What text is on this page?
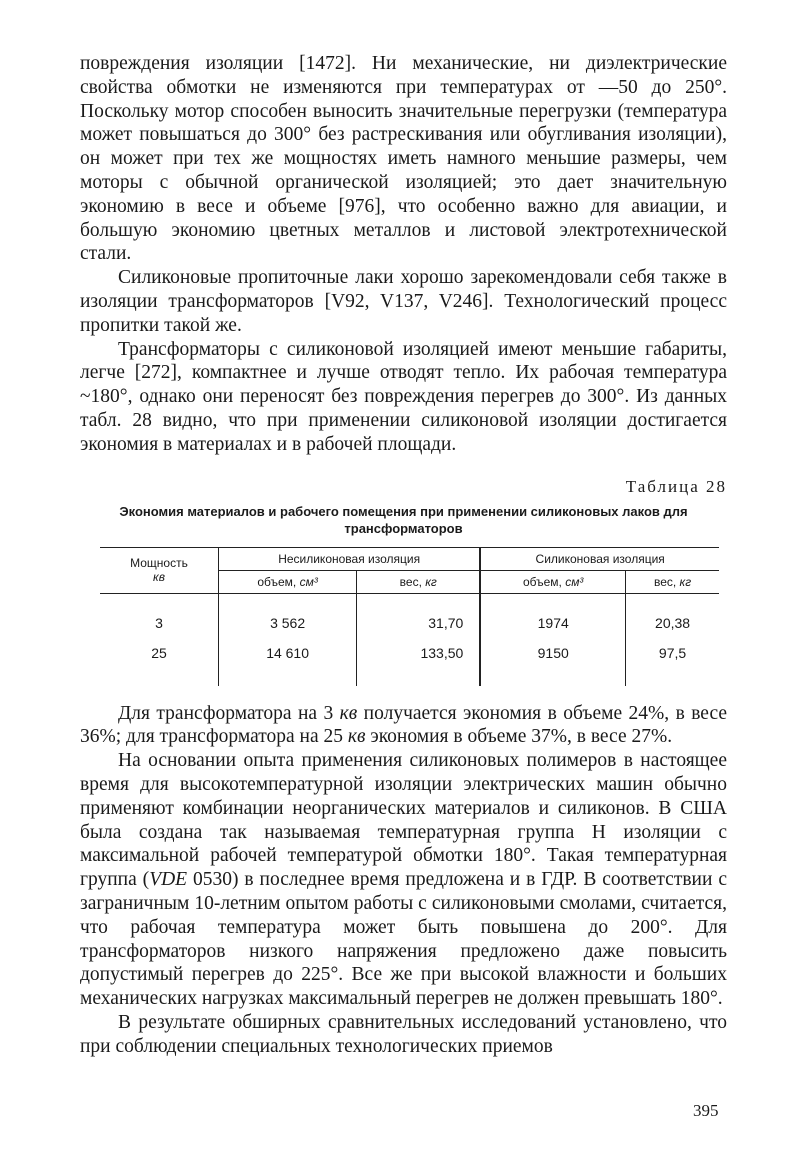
повреждения изоляции [1472]. Ни механические, ни диэлектрические свойства обмотки не изменяются при температурах от —50 до 250°. Поскольку мотор способен выносить значительные перегрузки (температура может повышаться до 300° без растрескивания или обугливания изоляции), он может при тех же мощностях иметь намного меньшие размеры, чем моторы с обычной органической изоляцией; это дает значительную экономию в весе и объеме [976], что особенно важно для авиации, и большую экономию цветных металлов и листовой электротехнической стали.

Силиконовые пропиточные лаки хорошо зарекомендовали себя также в изоляции трансформаторов [V92, V137, V246]. Технологический процесс пропитки такой же.

Трансформаторы с силиконовой изоляцией имеют меньшие габариты, легче [272], компактнее и лучше отводят тепло. Их рабочая температура ~180°, однако они переносят без повреждения перегрев до 300°. Из данных табл. 28 видно, что при применении силиконовой изоляции достигается экономия в материалах и в рабочей площади.

Таблица 28
Экономия материалов и рабочего помещения при применении силиконовых лаков для трансформаторов
Мощность
кв	Несиликоновая изоляция		Силиконовая изоляция	
	объем, см³	вес, кг	объем, см³	вес, кг
3	3 562	31,70	1974	20,38
25	14 610	133,50	9150	97,5

Для трансформатора на 3 кв получается экономия в объеме 24%, в весе 36%; для трансформатора на 25 кв экономия в объеме 37%, в весе 27%.

На основании опыта применения силиконовых полимеров в настоящее время для высокотемпературной изоляции электрических машин обычно применяют комбинации неорганических материалов и силиконов. В США была создана так называемая температурная группа Н изоляции с максимальной рабочей температурой обмотки 180°. Такая температурная группа (VDE 0530) в последнее время предложена и в ГДР. В соответствии с заграничным 10-летним опытом работы с силиконовыми смолами, считается, что рабочая температура может быть повышена до 200°. Для трансформаторов низкого напряжения предложено даже повысить допустимый перегрев до 225°. Все же при высокой влажности и больших механических нагрузках максимальный перегрев не должен превышать 180°.

В результате обширных сравнительных исследований установлено, что при соблюдении специальных технологических приемов

395
